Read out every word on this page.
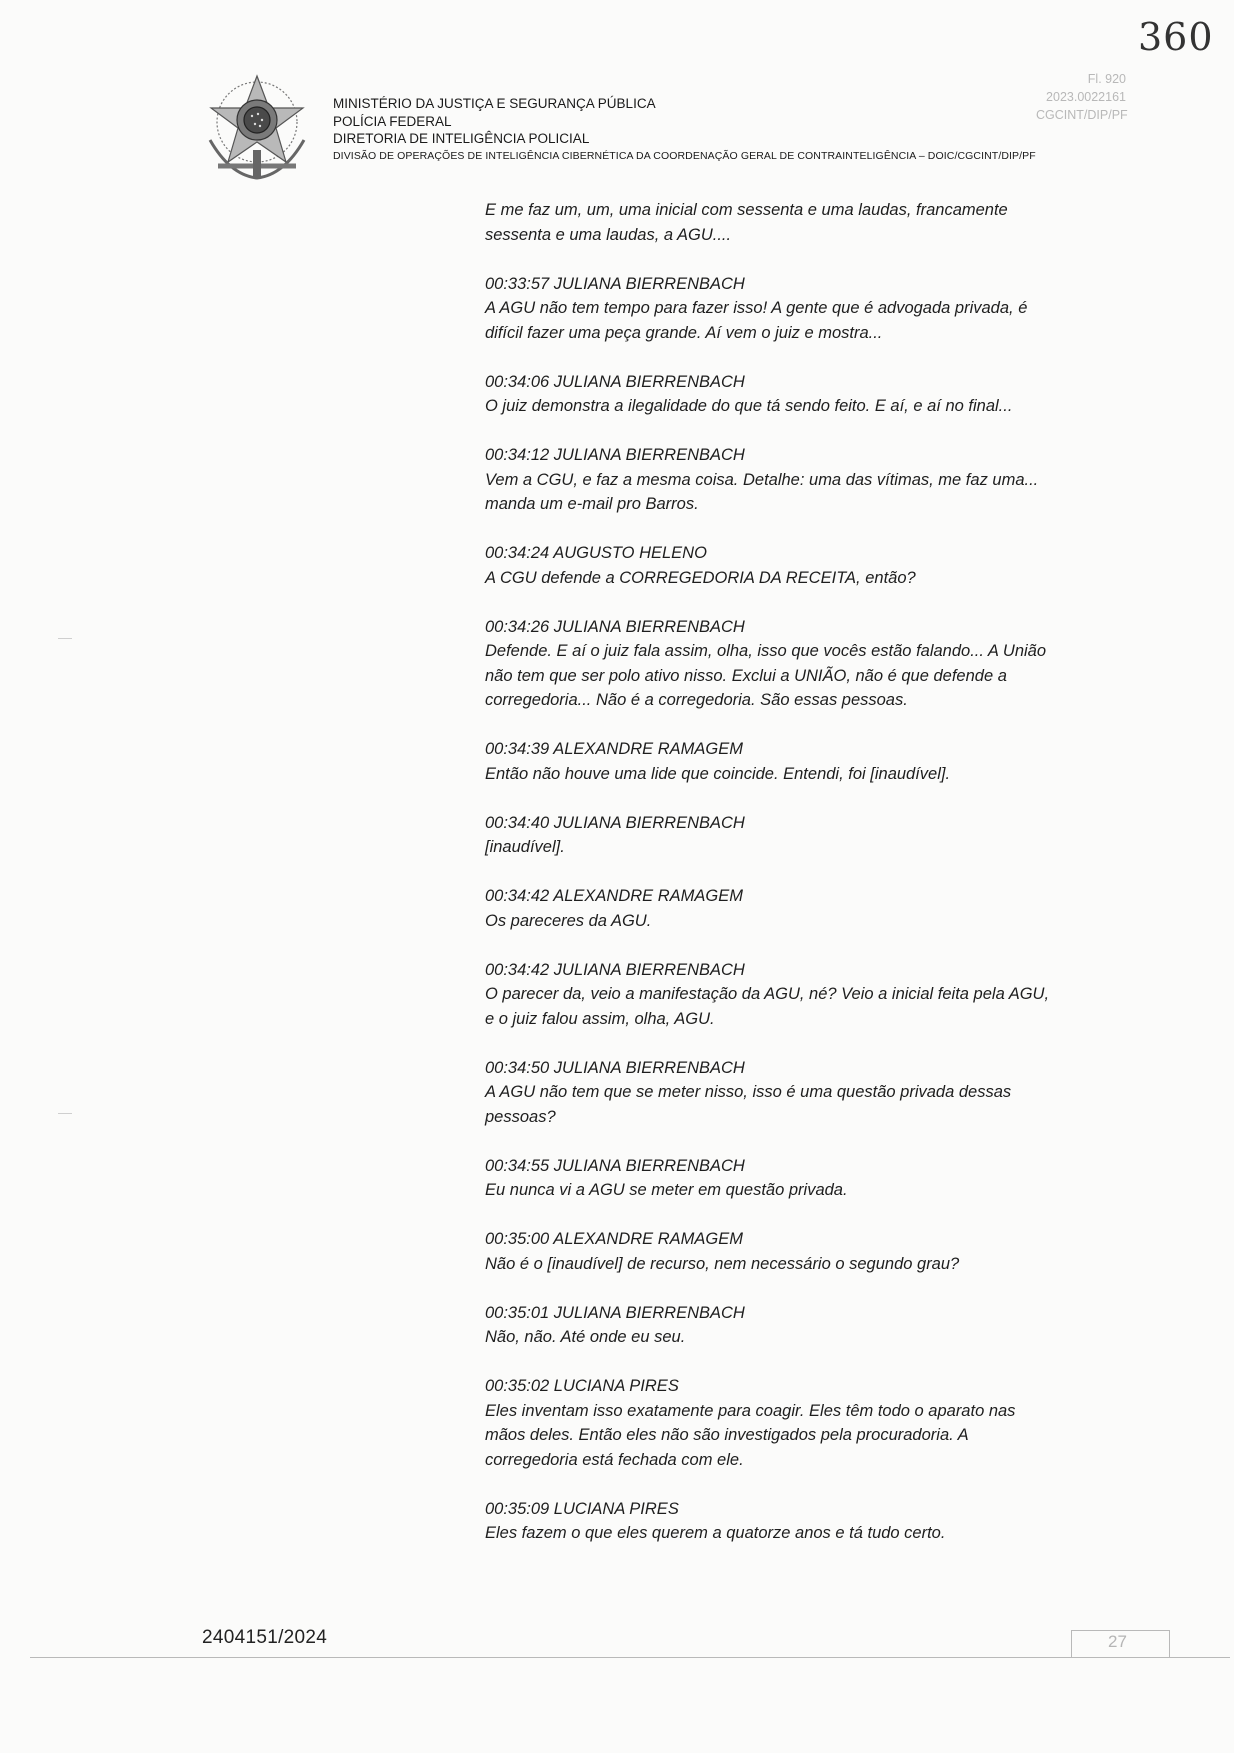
MINISTÉRIO DA JUSTIÇA E SEGURANÇA PÚBLICA
POLÍCIA FEDERAL
DIRETORIA DE INTELIGÊNCIA POLICIAL
DIVISÃO DE OPERAÇÕES DE INTELIGÊNCIA CIBERNÉTICA DA COORDENAÇÃO GERAL DE CONTRAINTELIGÊNCIA – DOIC/CGCINT/DIP/PF
360
Fl. 920
2023.0022161
CGCINT/DIP/PF

E me faz um, um, uma inicial com sessenta e uma laudas, francamente

sessenta e uma laudas, a AGU....

00:33:57 JULIANA BIERRENBACH

A AGU não tem tempo para fazer isso! A gente que é advogada privada, é

difícil fazer uma peça grande. Aí vem o juiz e mostra...

00:34:06 JULIANA BIERRENBACH

O juiz demonstra a ilegalidade do que tá sendo feito. E aí, e aí no final...

00:34:12 JULIANA BIERRENBACH

Vem a CGU, e faz a mesma coisa. Detalhe: uma das vítimas, me faz uma...

manda um e-mail pro Barros.

00:34:24 AUGUSTO HELENO

A CGU defende a CORREGEDORIA DA RECEITA, então?

00:34:26 JULIANA BIERRENBACH

Defende. E aí o juiz fala assim, olha, isso que vocês estão falando... A União

não tem que ser polo ativo nisso. Exclui a UNIÃO, não é que defende a

corregedoria... Não é a corregedoria. São essas pessoas.

00:34:39 ALEXANDRE RAMAGEM

Então não houve uma lide que coincide. Entendi, foi [inaudível].

00:34:40 JULIANA BIERRENBACH

[inaudível].

00:34:42 ALEXANDRE RAMAGEM

Os pareceres da AGU.

00:34:42 JULIANA BIERRENBACH

O parecer da, veio a manifestação da AGU, né? Veio a inicial feita pela AGU,

e o juiz falou assim, olha, AGU.

00:34:50 JULIANA BIERRENBACH

A AGU não tem que se meter nisso, isso é uma questão privada dessas

pessoas?

00:34:55 JULIANA BIERRENBACH

Eu nunca vi a AGU se meter em questão privada.

00:35:00 ALEXANDRE RAMAGEM

Não é o [inaudível] de recurso, nem necessário o segundo grau?

00:35:01 JULIANA BIERRENBACH

Não, não. Até onde eu seu.

00:35:02 LUCIANA PIRES

Eles inventam isso exatamente para coagir. Eles têm todo o aparato nas

mãos deles. Então eles não são investigados pela procuradoria. A

corregedoria está fechada com ele.

00:35:09 LUCIANA PIRES

Eles fazem o que eles querem a quatorze anos e tá tudo certo.

2404151/2024	27
